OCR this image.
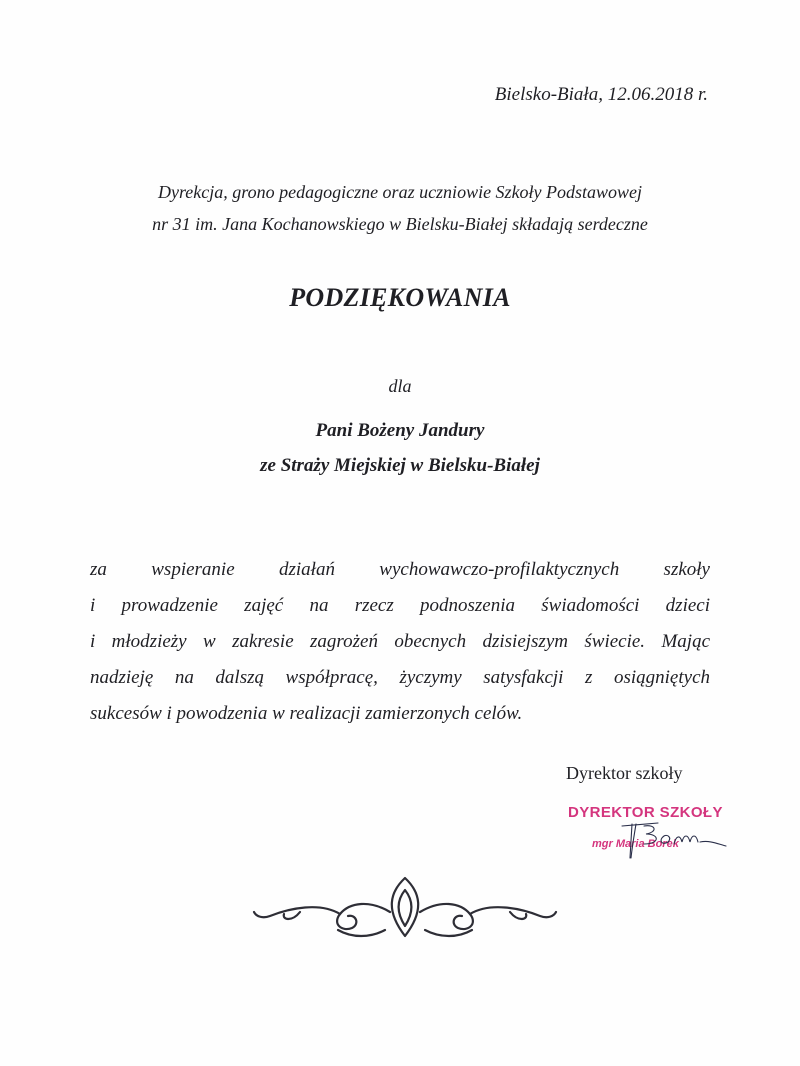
Bielsko-Biała, 12.06.2018 r.
Dyrekcja, grono pedagogiczne oraz uczniowie Szkoły Podstawowej
nr 31 im. Jana Kochanowskiego w Bielsku-Białej składają serdeczne
PODZIĘKOWANIA
dla
Pani Bożeny Jandury
ze Straży Miejskiej w Bielsku-Białej
za wspieranie działań wychowawczo-profilaktycznych szkoły
i prowadzenie zajęć na rzecz podnoszenia świadomości dzieci
i młodzieży w zakresie zagrożeń obecnych dzisiejszym świecie. Mając
nadzieję na dalszą współpracę, życzymy satysfakcji z osiągniętych
sukcesów i powodzenia w realizacji zamierzonych celów.
Dyrektor szkoły
DYREKTOR SZKOŁY
mgr Maria Borek
